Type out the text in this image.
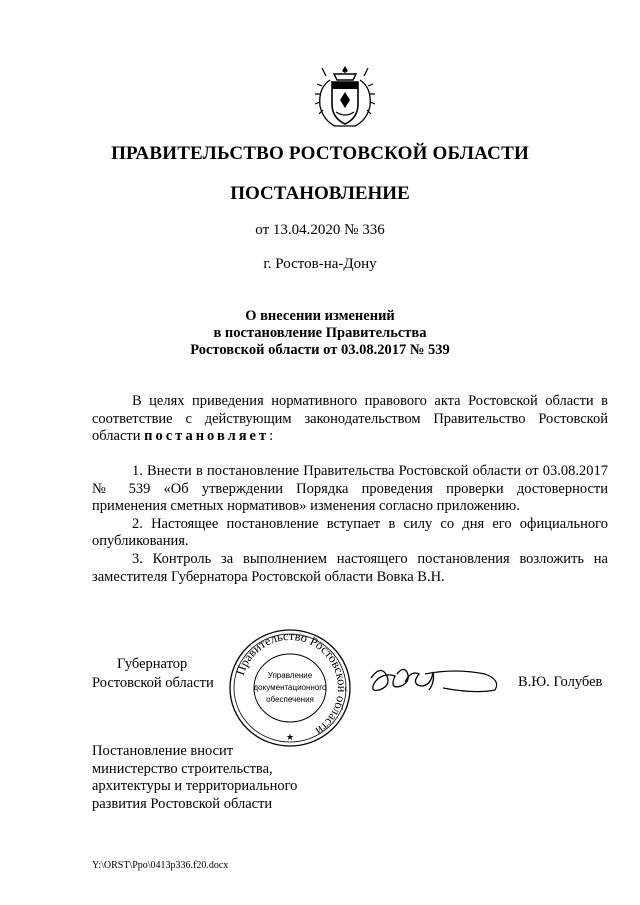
ПРАВИТЕЛЬСТВО РОСТОВСКОЙ ОБЛАСТИ
ПОСТАНОВЛЕНИЕ
от 13.04.2020 № 336
г. Ростов-на-Дону
О внесении изменений
в постановление Правительства
Ростовской области от 03.08.2017 № 539

В целях приведения нормативного правового акта Ростовской области в соответствие с действующим законодательством Правительство Ростовской области постановляет:

1. Внести в постановление Правительства Ростовской области от 03.08.2017 № 539 «Об утверждении Порядка проведения проверки достоверности применения сметных нормативов» изменения согласно приложению.

2. Настоящее постановление вступает в силу со дня его официального опубликования.

3. Контроль за выполнением настоящего постановления возложить на заместителя Губернатора Ростовской области Вовка В.Н.

Губернатор
Ростовской области
Правительство Ростовской области
Управление
документационного
обеспечения
★
В.Ю. Голубев
Постановление вносит
министерство строительства,
архитектуры и территориального
развития Ростовской области
Y:\ORST\Ppo\0413p336.f20.docx
